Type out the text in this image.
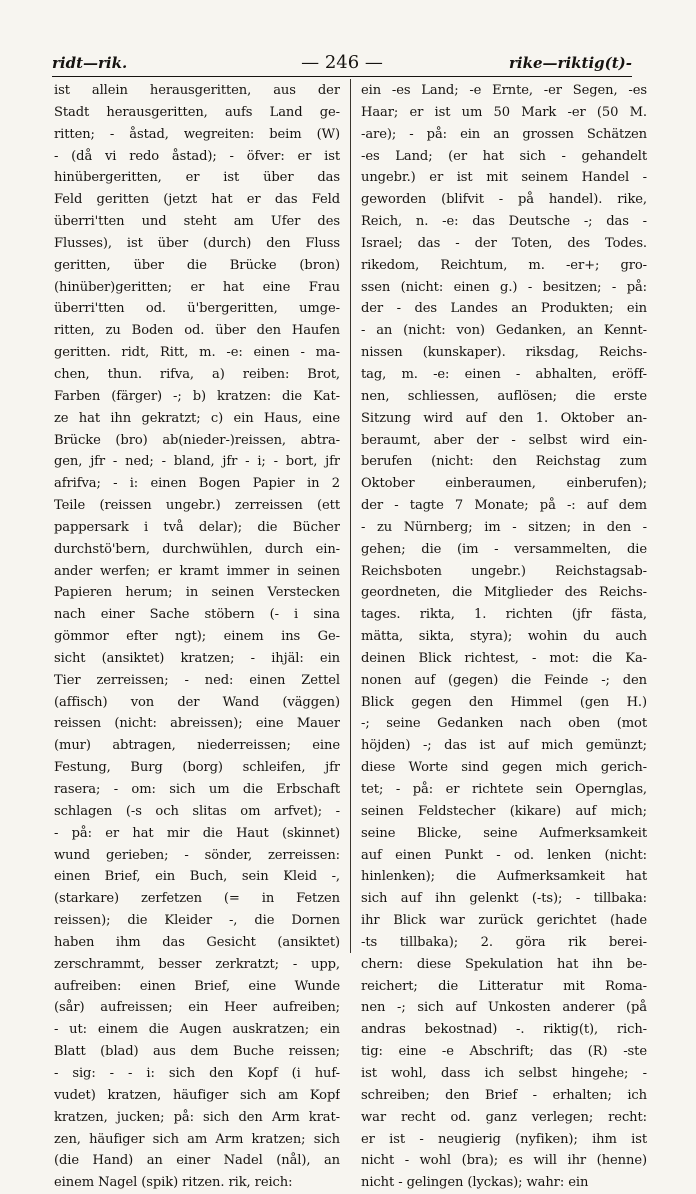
ridt—rik.	— 246 —	rike—riktig(t)-
ist allein herausgeritten, aus der
Stadt herausgeritten, aufs Land ge-
ritten; - åstad, wegreiten: beim (W)
- (då vi redo åstad); - öfver: er ist
hinübergeritten, er ist über das
Feld geritten (jetzt hat er das Feld
überri'tten und steht am Ufer des
Flusses), ist über (durch) den Fluss
geritten, über die Brücke (bron)
(hinüber)geritten; er hat eine Frau
überri'tten od. ü'bergeritten, umge-
ritten, zu Boden od. über den Haufen
geritten. ridt, Ritt, m. -e: einen - ma-
chen, thun. rifva, a) reiben: Brot,
Farben (färger) -; b) kratzen: die Kat-
ze hat ihn gekratzt; c) ein Haus, eine
Brücke (bro) ab(nieder-)reissen, abtra-
gen, jfr - ned; - bland, jfr - i; - bort, jfr
afrifva; - i: einen Bogen Papier in 2
Teile (reissen ungebr.) zerreissen (ett
pappersark i två delar); die Bücher
durchstö'bern, durchwühlen, durch ein-
ander werfen; er kramt immer in seinen
Papieren herum; in seinen Verstecken
nach einer Sache stöbern (- i sina
gömmor efter ngt); einem ins Ge-
sicht (ansiktet) kratzen; - ihjäl: ein
Tier zerreissen; - ned: einen Zettel
(affisch) von der Wand (väggen)
reissen (nicht: abreissen); eine Mauer
(mur) abtragen, niederreissen; eine
Festung, Burg (borg) schleifen, jfr
rasera; - om: sich um die Erbschaft
schlagen (-s och slitas om arfvet); -
- på: er hat mir die Haut (skinnet)
wund gerieben; - sönder, zerreissen:
einen Brief, ein Buch, sein Kleid -,
(starkare) zerfetzen (= in Fetzen
reissen); die Kleider -, die Dornen
haben ihm das Gesicht (ansiktet)
zerschrammt, besser zerkratzt; - upp,
aufreiben: einen Brief, eine Wunde
(sår) aufreissen; ein Heer aufreiben;
- ut: einem die Augen auskratzen; ein
Blatt (blad) aus dem Buche reissen;
- sig: - - i: sich den Kopf (i huf-
vudet) kratzen, häufiger sich am Kopf
kratzen, jucken; på: sich den Arm krat-
zen, häufiger sich am Arm kratzen; sich
(die Hand) an einer Nadel (nål), an
einem Nagel (spik) ritzen. rik, reich:
ein -es Land; -e Ernte, -er Segen, -es
Haar; er ist um 50 Mark -er (50 M.
-are); - på: ein an grossen Schätzen
-es Land; (er hat sich - gehandelt
ungebr.) er ist mit seinem Handel -
geworden (blifvit - på handel). rike,
Reich, n. -e: das Deutsche -; das -
Israel; das - der Toten, des Todes.
rikedom, Reichtum, m. -er+; gro-
ssen (nicht: einen g.) - besitzen; - på:
der - des Landes an Produkten; ein
- an (nicht: von) Gedanken, an Kennt-
nissen (kunskaper). riksdag, Reichs-
tag, m. -e: einen - abhalten, eröff-
nen, schliessen, auflösen; die erste
Sitzung wird auf den 1. Oktober an-
beraumt, aber der - selbst wird ein-
berufen (nicht: den Reichstag zum
Oktober einberaumen, einberufen);
der - tagte 7 Monate; på -: auf dem
- zu Nürnberg; im - sitzen; in den -
gehen; die (im - versammelten, die
Reichsboten ungebr.) Reichstagsab-
geordneten, die Mitglieder des Reichs-
tages. rikta, 1. richten (jfr fästa,
mätta, sikta, styra); wohin du auch
deinen Blick richtest, - mot: die Ka-
nonen auf (gegen) die Feinde -; den
Blick gegen den Himmel (gen H.)
-; seine Gedanken nach oben (mot
höjden) -; das ist auf mich gemünzt;
diese Worte sind gegen mich gerich-
tet; - på: er richtete sein Opernglas,
seinen Feldstecher (kikare) auf mich;
seine Blicke, seine Aufmerksamkeit
auf einen Punkt - od. lenken (nicht:
hinlenken); die Aufmerksamkeit hat
sich auf ihn gelenkt (-ts); - tillbaka:
ihr Blick war zurück gerichtet (hade
-ts tillbaka); 2. göra rik berei-
chern: diese Spekulation hat ihn be-
reichert; die Litteratur mit Roma-
nen -; sich auf Unkosten anderer (på
andras bekostnad) -. riktig(t), rich-
tig: eine -e Abschrift; das (R) -ste
ist wohl, dass ich selbst hingehe; -
schreiben; den Brief - erhalten; ich
war recht od. ganz verlegen; recht:
er ist - neugierig (nyfiken); ihm ist
nicht - wohl (bra); es will ihr (henne)
nicht - gelingen (lyckas); wahr: ein
